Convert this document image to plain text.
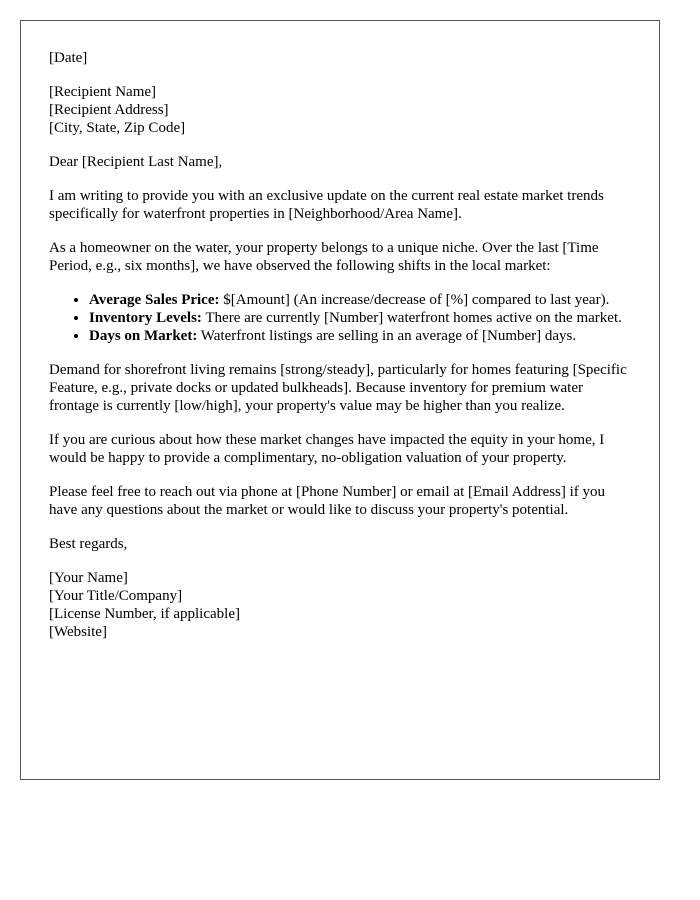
[Date]

[Recipient Name]
[Recipient Address]
[City, State, Zip Code]

Dear [Recipient Last Name],

I am writing to provide you with an exclusive update on the current real estate market trends specifically for waterfront properties in [Neighborhood/Area Name].

As a homeowner on the water, your property belongs to a unique niche. Over the last [Time Period, e.g., six months], we have observed the following shifts in the local market:

• Average Sales Price: $[Amount] (An increase/decrease of [%] compared to last year).
• Inventory Levels: There are currently [Number] waterfront homes active on the market.
• Days on Market: Waterfront listings are selling in an average of [Number] days.

Demand for shorefront living remains [strong/steady], particularly for homes featuring [Specific Feature, e.g., private docks or updated bulkheads]. Because inventory for premium water frontage is currently [low/high], your property's value may be higher than you realize.

If you are curious about how these market changes have impacted the equity in your home, I would be happy to provide a complimentary, no-obligation valuation of your property.

Please feel free to reach out via phone at [Phone Number] or email at [Email Address] if you have any questions about the market or would like to discuss your property's potential.

Best regards,

[Your Name]
[Your Title/Company]
[License Number, if applicable]
[Website]
